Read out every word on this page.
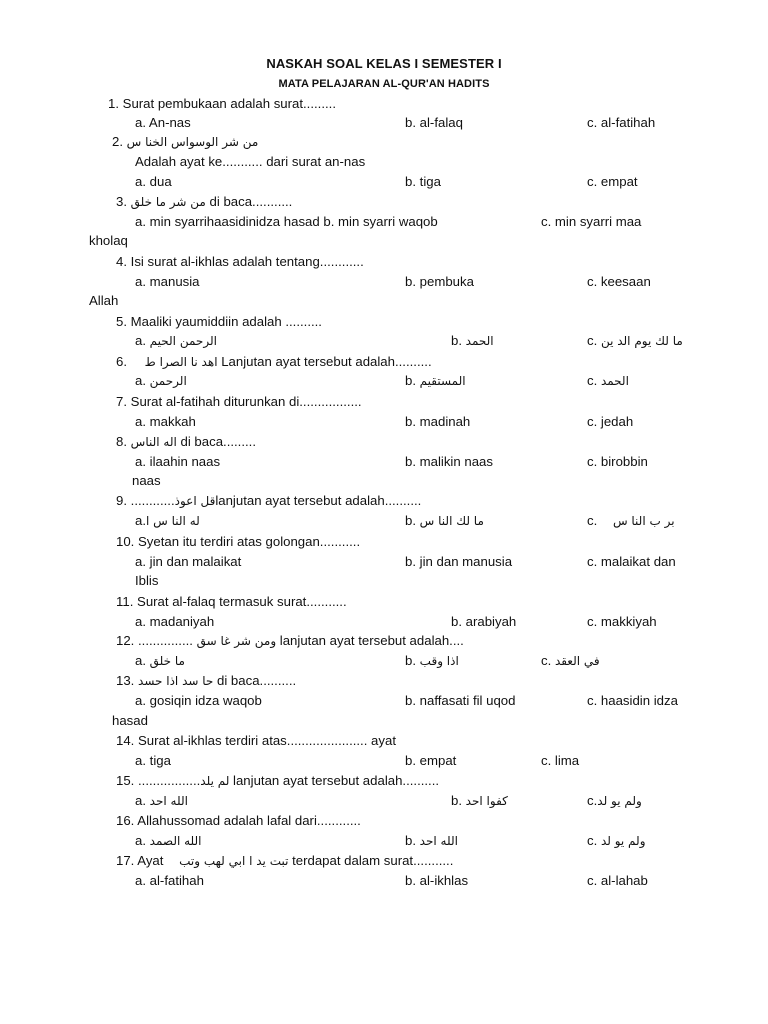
NASKAH SOAL KELAS I SEMESTER I
MATA PELAJARAN AL-QUR'AN HADITS
1. Surat pembukaan adalah surat.........
a. An-nas	b. al-falaq	c. al-fatihah
2. من شر الوسواس الخنا س
Adalah ayat ke........... dari surat an-nas
a. dua	b. tiga	c. empat
3. من شر ما خلق di baca...........
a. min syarrihaasidinidza hasad b. min syarri waqob	c. min syarri maa
kholaq
4. Isi surat al-ikhlas adalah tentang............
a. manusia	b. pembuka	c. keesaan
Allah
5. Maaliki yaumiddiin adalah ..........
a. الرحمن الحيم	b. الحمد	c. ما لك يوم الد ين
6. اهد نا الصرا ط Lanjutan ayat tersebut adalah..........
a. الرحمن	b. المستقيم	c. الحمد
7. Surat al-fatihah diturunkan di.................
a. makkah	b. madinah	c. jedah
8. اله الناس di baca.........
a. ilaahin naas	b. malikin naas	c. birobbin
naas
9. ............قل اعوذlanjutan ayat tersebut adalah..........
a.له النا س ا	b. ما لك النا س	c. بر ب النا س
10. Syetan itu terdiri atas golongan...........
a. jin dan malaikat	b. jin dan manusia	c. malaikat dan
Iblis
11. Surat al-falaq termasuk surat...........
a. madaniyah	b. arabiyah	c. makkiyah
12. ............... ومن شر غا سق lanjutan ayat tersebut adalah....
a. ما خلق	b. اذا وقب	c. في العقد
13. حا سد اذا حسد di baca..........
a. gosiqin idza waqob	b. naffasati fil uqod	c. haasidin idza
hasad
14. Surat al-ikhlas terdiri atas...................... ayat
a. tiga	b. empat	c. lima
15. .................لم يلد lanjutan ayat tersebut adalah..........
a. الله احد	b. كفوا احد	c.ولم يو لد
16. Allahussomad adalah lafal dari............
a. الله الصمد	b. الله احد	c. ولم يو لد
17. Ayat تبت يد ا ابي لهب وتب terdapat dalam surat...........
a. al-fatihah	b. al-ikhlas	c. al-lahab
